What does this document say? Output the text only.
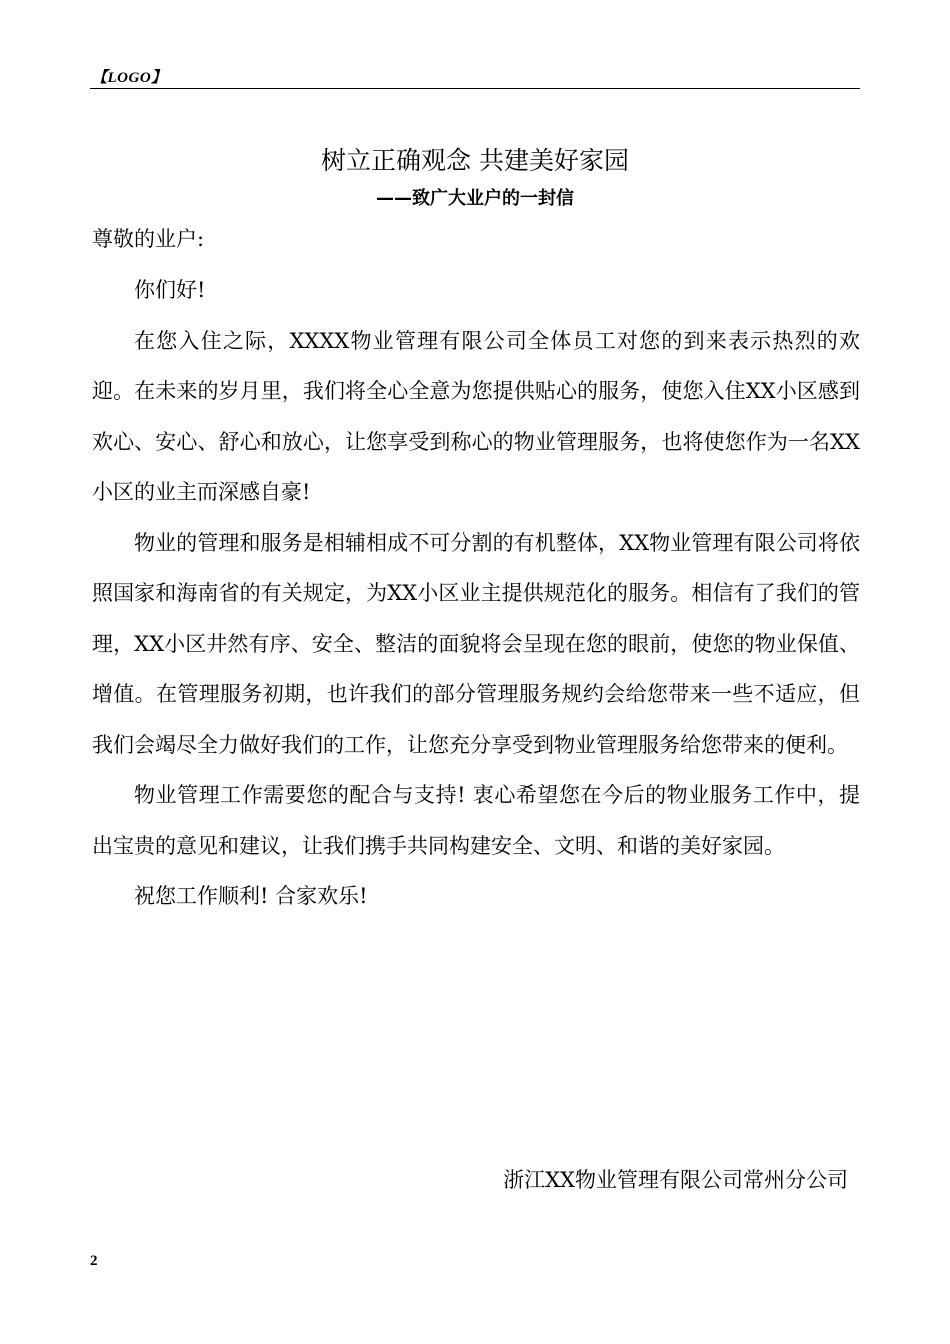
【LOGO】
树立正确观念 共建美好家园
——致广大业户的一封信
尊敬的业户:

你们好!

在您入住之际，XXXX物业管理有限公司全体员工对您的到来表示热烈的欢迎。在未来的岁月里，我们将全心全意为您提供贴心的服务，使您入住XX小区感到欢心、安心、舒心和放心，让您享受到称心的物业管理服务，也将使您作为一名XX小区的业主而深感自豪!

物业的管理和服务是相辅相成不可分割的有机整体，XX物业管理有限公司将依照国家和海南省的有关规定，为XX小区业主提供规范化的服务。相信有了我们的管理，XX小区井然有序、安全、整洁的面貌将会呈现在您的眼前，使您的物业保值、增值。在管理服务初期，也许我们的部分管理服务规约会给您带来一些不适应，但我们会竭尽全力做好我们的工作，让您充分享受到物业管理服务给您带来的便利。

物业管理工作需要您的配合与支持! 衷心希望您在今后的物业服务工作中，提出宝贵的意见和建议，让我们携手共同构建安全、文明、和谐的美好家园。

祝您工作顺利! 合家欢乐!

浙江XX物业管理有限公司常州分公司
2
